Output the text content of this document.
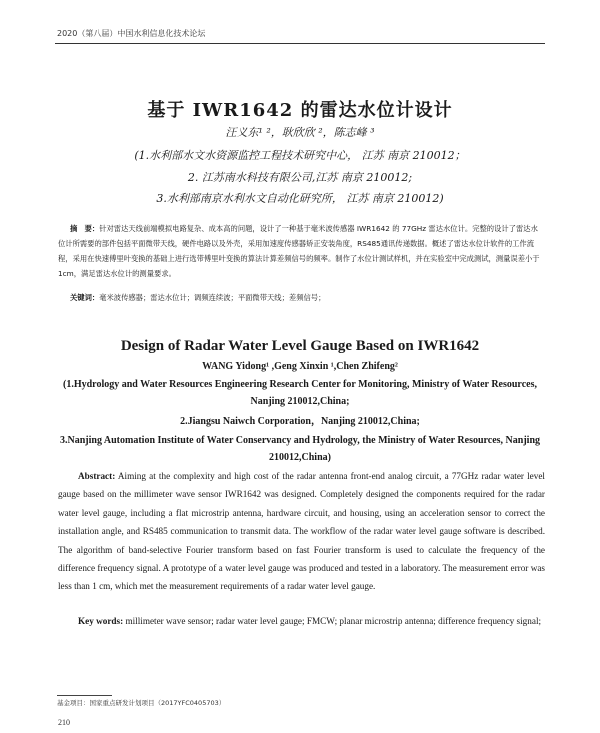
2020（第八届）中国水利信息化技术论坛
基于 IWR1642 的雷达水位计设计
汪义东¹ ²，耿欣欣 ²，陈志峰 ³
(1.水利部水文水资源监控工程技术研究中心， 江苏 南京 210012；
2. 江苏南水科技有限公司,江苏 南京 210012;
3.水利部南京水利水文自动化研究所， 江苏 南京 210012)

摘　要：针对雷达天线前端模拟电路复杂、成本高的问题，设计了一种基于毫米波传感器 IWR1642 的 77GHz 雷达水位计。完整的设计了雷达水位计所需要的部件包括平面微带天线，硬件电路以及外壳，采用加速度传感器矫正安装角度，RS485通讯传递数据。概述了雷达水位计软件的工作流程，采用在快速傅里叶变换的基础上进行选带傅里叶变换的算法计算差频信号的频率。制作了水位计测试样机，并在实验室中完成测试，测量误差小于 1cm，满足雷达水位计的测量要求。

关键词：毫米波传感器；雷达水位计；调频连续波；平面微带天线；差频信号；

Design of Radar Water Level Gauge Based on IWR1642
WANG Yidong¹ ,Geng Xinxin ¹,Chen Zhifeng²

(1.Hydrology and Water Resources Engineering Research Center for Monitoring, Ministry of Water Resources, Nanjing 210012,China;

2.Jiangsu Naiwch Corporation，Nanjing 210012,China;

3.Nanjing Automation Institute of Water Conservancy and Hydrology, the Ministry of Water Resources, Nanjing 210012,China)

Abstract: Aiming at the complexity and high cost of the radar antenna front-end analog circuit, a 77GHz radar water level gauge based on the millimeter wave sensor IWR1642 was designed. Completely designed the components required for the radar water level gauge, including a flat microstrip antenna, hardware circuit, and housing, using an acceleration sensor to correct the installation angle, and RS485 communication to transmit data. The workflow of the radar water level gauge software is described. The algorithm of band-selective Fourier transform based on fast Fourier transform is used to calculate the frequency of the difference frequency signal. A prototype of a water level gauge was produced and tested in a laboratory. The measurement error was less than 1 cm, which met the measurement requirements of a radar water level gauge.

Key words: millimeter wave sensor; radar water level gauge; FMCW; planar microstrip antenna; difference frequency signal;

基金项目：国家重点研发计划项目（2017YFC0405703）
210
